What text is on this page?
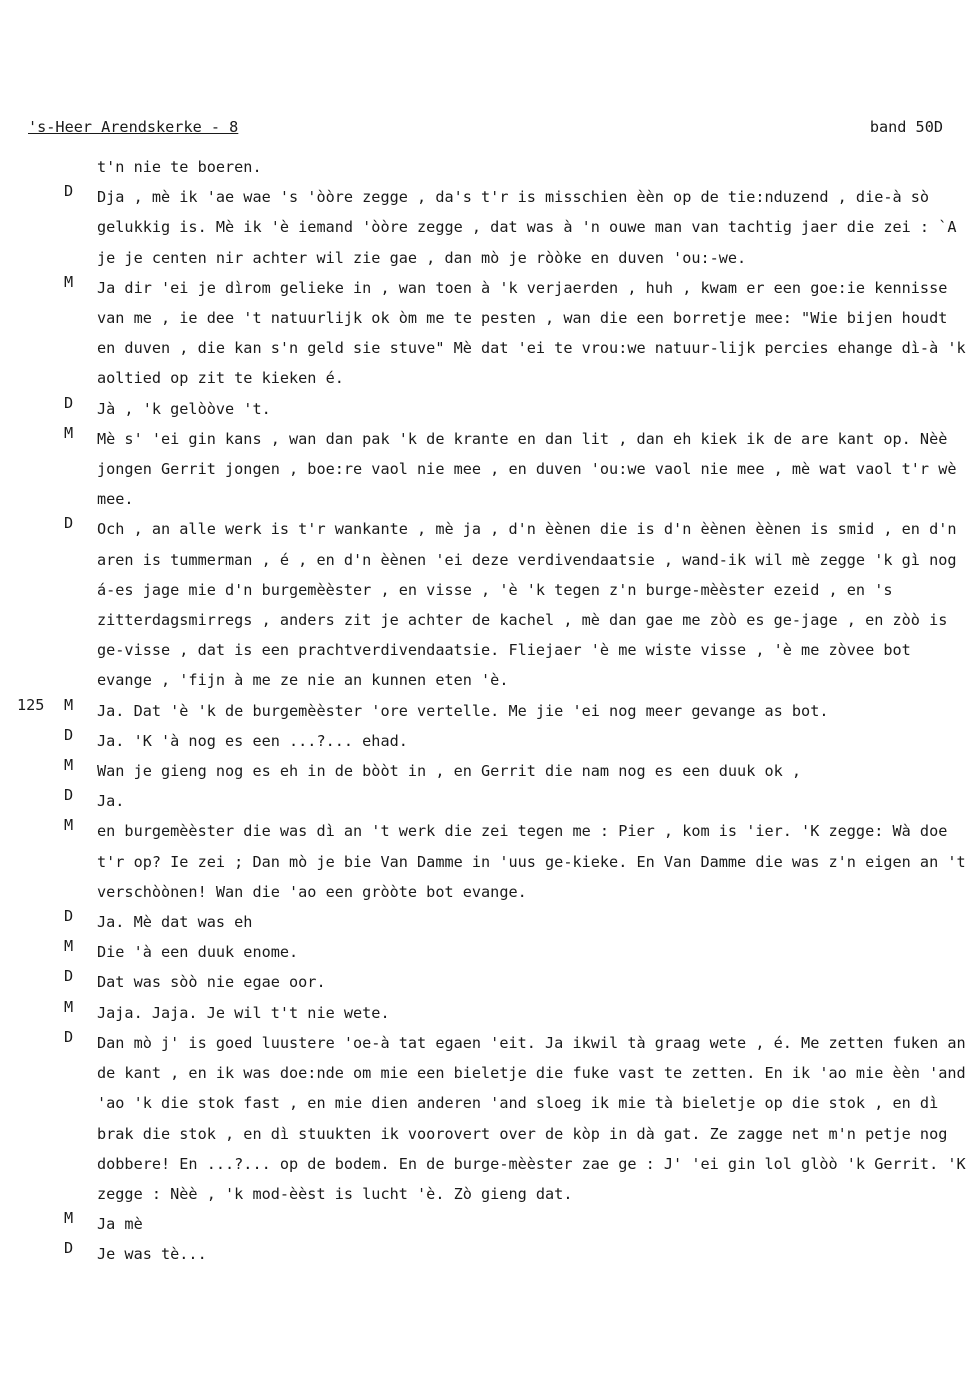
's-Heer Arendskerke - 8	band 50D

t'n nie te boeren.

D Dja , mè ik 'ae wae 's 'òòre zegge , da's t'r is misschien èèn op de tie:nduzend , die-à sò gelukkig is. Mè ik 'è iemand 'òòre zegge , dat was à 'n ouwe man van tachtig jaer die zei : `A je je centen nir achter wil zie gae , dan mò je ròòke en duven 'ou:-we.

M Ja dir 'ei je dìrom gelieke in , wan toen à 'k verjaerden , huh , kwam er een goe:ie kennisse van me , ie dee 't natuurlijk ok òm me te pesten , wan die een borretje mee: "Wie bijen houdt en duven , die kan s'n geld sie stuve" Mè dat 'ei te vrou:we natuur-lijk percies ehange dì-à 'k aoltied op zit te kieken é.

D Jà , 'k gelòòve 't.

M Mè s' 'ei gin kans , wan dan pak 'k de krante en dan lit , dan eh kiek ik de are kant op. Nèè jongen Gerrit jongen , boe:re vaol nie mee , en duven 'ou:we vaol nie mee , mè wat vaol t'r wè mee.

D Och , an alle werk is t'r wankante , mè ja , d'n èènen die is d'n èènen èènen is smid , en d'n aren is tummerman , é , en d'n èènen 'ei deze verdivendaatsie , wand-ik wil mè zegge 'k gì nog á-es jage mie d'n burgemèèster , en visse , 'è 'k tegen z'n burge-mèèster ezeid , en 's zitterdagsmirregs , anders zit je achter de kachel , mè dan gae me zòò es ge-jage , en zòò is ge-visse , dat is een prachtverdivendaatsie. Fliejaer 'è me wiste visse , 'è me zòvee bot evange , 'fijn à me ze nie an kunnen eten 'è.

125 M Ja. Dat 'è 'k de burgemèèster 'ore vertelle. Me jie 'ei nog meer gevange as bot.

D Ja. 'K 'à nog es een ...?... ehad.

M Wan je gieng nog es eh in de bòòt in , en Gerrit die nam nog es een duuk ok ,

D Ja.

M en burgemèèster die was dì an 't werk die zei tegen me : Pier , kom is 'ier. 'K zegge: Wà doe t'r op? Ie zei ; Dan mò je bie Van Damme in 'uus ge-kieke. En Van Damme die was z'n eigen an 't verschòònen! Wan die 'ao een gròòte bot evange.

D Ja. Mè dat was eh

M Die 'à een duuk enome.

D Dat was sòò nie egae oor.

M Jaja. Jaja. Je wil t't nie wete.

D Dan mò j' is goed luustere 'oe-à tat egaen 'eit. Ja ikwil tà graag wete , é. Me zetten fuken an de kant , en ik was doe:nde om mie een bieletje die fuke vast te zetten. En ik 'ao mie èèn 'and 'ao 'k die stok fast , en mie dien anderen 'and sloeg ik mie tà bieletje op die stok , en dì brak die stok , en dì stuukten ik voorovert over de kòp in dà gat. Ze zagge net m'n petje nog dobbere! En ...?... op de bodem. En de burge-mèèster zae ge : J' 'ei gin lol glòò 'k Gerrit. 'K zegge : Nèè , 'k mod-èèst is lucht 'è. Zò gieng dat.

M Ja mè

D Je was tè...
